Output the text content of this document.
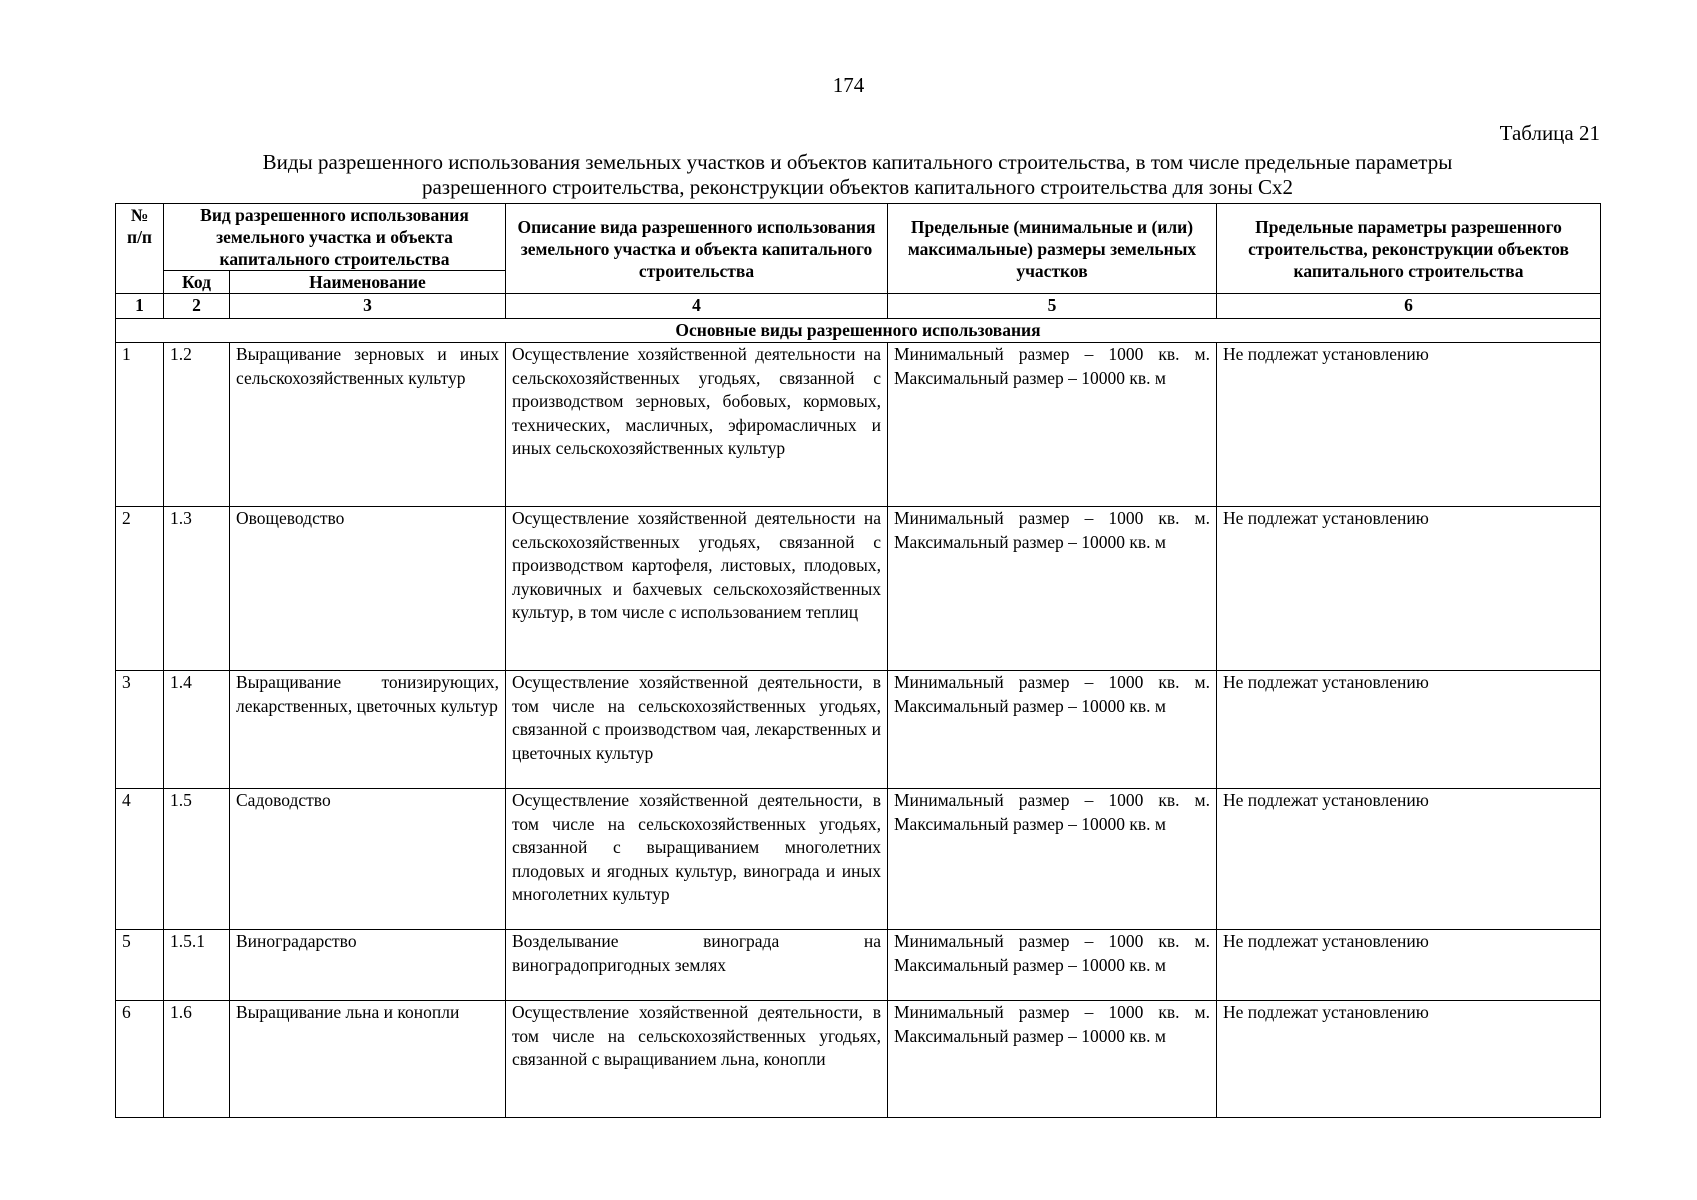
174
Таблица 21
Виды разрешенного использования земельных участков и объектов капитального строительства, в том числе предельные параметры
разрешенного строительства, реконструкции объектов капитального строительства для зоны Сх2
№ п/п	Вид разрешенного использования земельного участка и объекта капитального строительства		Описание вида разрешенного использования земельного участка и объекта капитального строительства	Предельные (минимальные и (или) максимальные) размеры земельных участков	Предельные параметры разрешенного строительства, реконструкции объектов капитального строительства
	Код	Наименование			
1	2	3	4	5	6
Основные виды разрешенного использования					
1	1.2	Выращивание зерновых и иных сельскохозяйственных культур	Осуществление хозяйственной деятельности на сельскохозяйственных угодьях, связанной с производством зерновых, бобовых, кормовых, технических, масличных, эфиромасличных и иных сельскохозяйственных культур	Минимальный размер – 1000 кв. м. Максимальный размер – 10000 кв. м	Не подлежат установлению
2	1.3	Овощеводство	Осуществление хозяйственной деятельности на сельскохозяйственных угодьях, связанной с производством картофеля, листовых, плодовых, луковичных и бахчевых сельскохозяйственных культур, в том числе с использованием теплиц	Минимальный размер – 1000 кв. м. Максимальный размер – 10000 кв. м	Не подлежат установлению
3	1.4	Выращивание тонизирующих, лекарственных, цветочных культур	Осуществление хозяйственной деятельности, в том числе на сельскохозяйственных угодьях, связанной с производством чая, лекарственных и цветочных культур	Минимальный размер – 1000 кв. м. Максимальный размер – 10000 кв. м	Не подлежат установлению
4	1.5	Садоводство	Осуществление хозяйственной деятельности, в том числе на сельскохозяйственных угодьях, связанной с выращиванием многолетних плодовых и ягодных культур, винограда и иных многолетних культур	Минимальный размер – 1000 кв. м. Максимальный размер – 10000 кв. м	Не подлежат установлению
5	1.5.1	Виноградарство	Возделывание винограда на виноградопригодных землях	Минимальный размер – 1000 кв. м. Максимальный размер – 10000 кв. м	Не подлежат установлению
6	1.6	Выращивание льна и конопли	Осуществление хозяйственной деятельности, в том числе на сельскохозяйственных угодьях, связанной с выращиванием льна, конопли	Минимальный размер – 1000 кв. м. Максимальный размер – 10000 кв. м	Не подлежат установлению
